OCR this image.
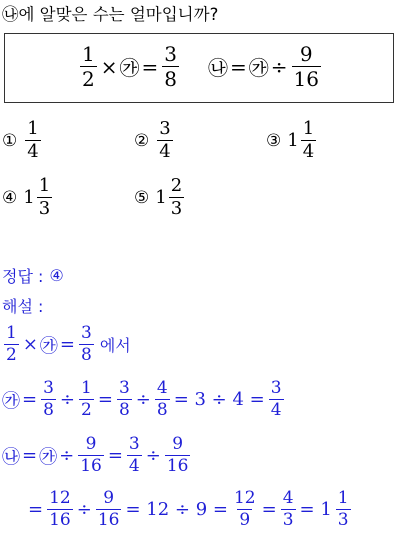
㉯ 에 알맞은 수는 얼마입니까?
$\frac{1}{2}$ × ㉮ = $\frac{3}{8}$ ㉯ = ㉮ ÷ $\frac{9}{16}$
① $\frac{1}{4}$	② $\frac{3}{4}$	③ $1 \frac{1}{4}$
④ $1 \frac{1}{3}$	⑤ $1 \frac{2}{3}$
정답 : ④
해설 :
$\frac{1}{2}$ × ㉮ = $\frac{3}{8}$ 에서
㉮ = $\frac{3}{8} \div \frac{1}{2} = \frac{3}{8} \div \frac{4}{8} = 3 \div 4 = \frac{3}{4}$
㉯ = ㉮ ÷ $\frac{9}{16} = \frac{3}{4} \div \frac{9}{16}$
= $\frac{12}{16} \div \frac{9}{16} = 12 \div 9 = \frac{12}{9} = \frac{4}{3} = 1 \frac{1}{3}$
